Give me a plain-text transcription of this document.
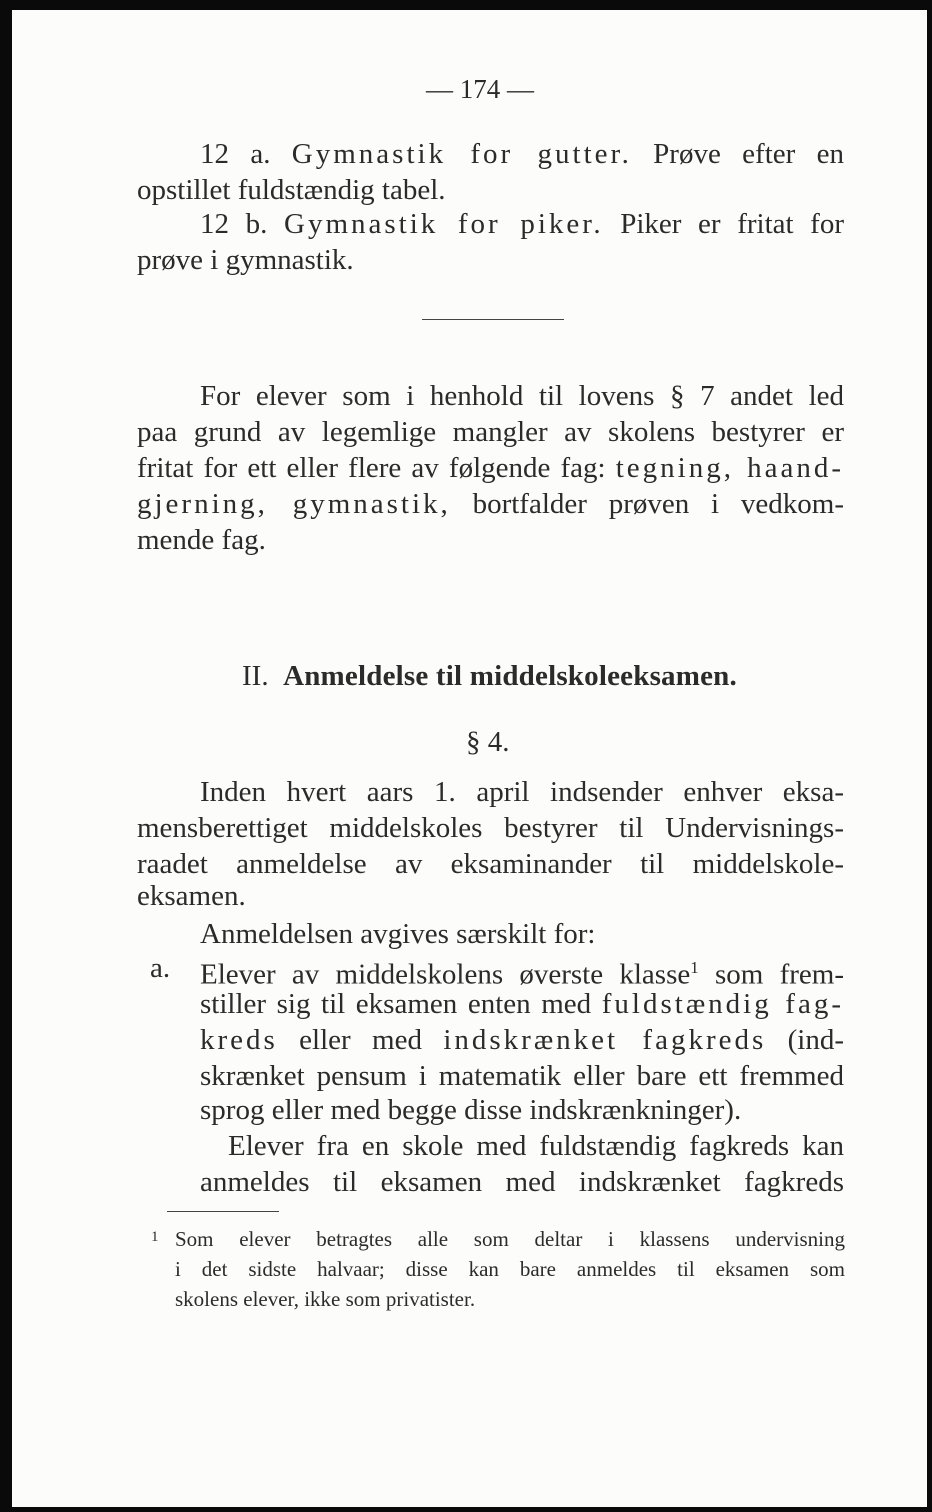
— 174 —
12 a. Gymnastik for gutter. Prøve efter en
opstillet fuldstændig tabel.
12 b. Gymnastik for piker. Piker er fritat for
prøve i gymnastik.
For elever som i henhold til lovens § 7 andet led
paa grund av legemlige mangler av skolens bestyrer er
fritat for ett eller flere av følgende fag: tegning, haand-
gjerning, gymnastik, bortfalder prøven i vedkom-
mende fag.
II. Anmeldelse til middelskoleeksamen.
§ 4.
Inden hvert aars 1. april indsender enhver eksa-
mensberettiget middelskoles bestyrer til Undervisnings-
raadet anmeldelse av eksaminander til middelskole-
eksamen.
Anmeldelsen avgives særskilt for:
a. Elever av middelskolens øverste klasse$^1$ som frem-
stiller sig til eksamen enten med fuldstændig fag-
kreds eller med indskrænket fagkreds (ind-
skrænket pensum i matematik eller bare ett fremmed
sprog eller med begge disse indskrænkninger).
Elever fra en skole med fuldstændig fagkreds kan
anmeldes til eksamen med indskrænket fagkreds
1 Som elever betragtes alle som deltar i klassens undervisning
i det sidste halvaar; disse kan bare anmeldes til eksamen som
skolens elever, ikke som privatister.
